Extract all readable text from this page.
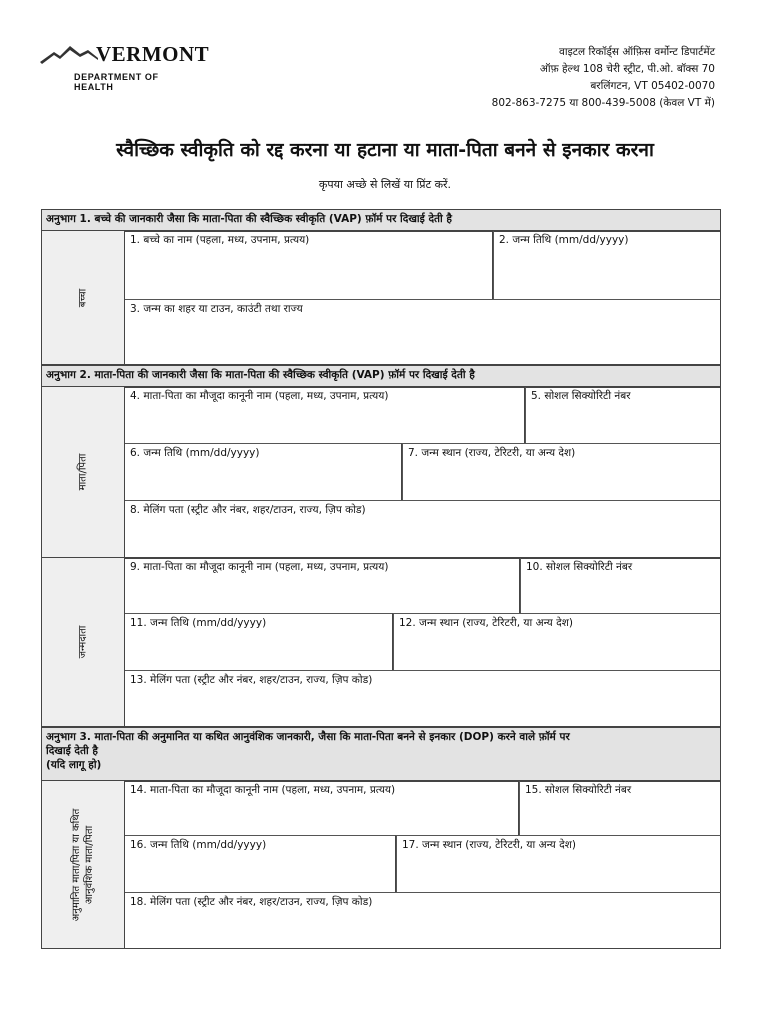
VERMONT
DEPARTMENT OF HEALTH
वाइटल रिकॉर्ड्स ऑफ़िस वर्मोन्ट डिपार्टमेंट
ऑफ़ हेल्थ 108 चेरी स्ट्रीट, पी.ओ. बॉक्स 70
बरलिंगटन, VT 05402-0070
802-863-7275 या 800-439-5008 (केवल VT में)
स्वैच्छिक स्वीकृति को रद्द करना या हटाना या माता-पिता बनने से इनकार करना
कृपया अच्छे से लिखें या प्रिंट करें.
अनुभाग 1. बच्चे की जानकारी जैसा कि माता-पिता की स्वैच्छिक स्वीकृति (VAP) फ़ॉर्म पर दिखाई देती है
बच्चा
1. बच्चे का नाम (पहला, मध्य, उपनाम, प्रत्यय)	2. जन्म तिथि (mm/dd/yyyy)
3. जन्म का शहर या टाउन, काउंटी तथा राज्य
अनुभाग 2. माता-पिता की जानकारी जैसा कि माता-पिता की स्वैच्छिक स्वीकृति (VAP) फ़ॉर्म पर दिखाई देती है
माता/पिता
4. माता-पिता का मौजूदा कानूनी नाम (पहला, मध्य, उपनाम, प्रत्यय)	5. सोशल सिक्योरिटी नंबर
6. जन्म तिथि (mm/dd/yyyy)	7. जन्म स्थान (राज्य, टेरिटरी, या अन्य देश)
8. मेलिंग पता (स्ट्रीट और नंबर, शहर/टाउन, राज्य, ज़िप कोड)
जन्मदाता
9. माता-पिता का मौजूदा कानूनी नाम (पहला, मध्य, उपनाम, प्रत्यय)	10. सोशल सिक्योरिटी नंबर
11. जन्म तिथि (mm/dd/yyyy)	12. जन्म स्थान (राज्य, टेरिटरी, या अन्य देश)
13. मेलिंग पता (स्ट्रीट और नंबर, शहर/टाउन, राज्य, ज़िप कोड)
अनुभाग 3. माता-पिता की अनुमानित या कथित आनुवंशिक जानकारी, जैसा कि माता-पिता बनने से इनकार (DOP) करने वाले फ़ॉर्म पर
दिखाई देती है
(यदि लागू हो)
अनुमानित माता/पिता या कथित आनुवंशिक माता/पिता
14. माता-पिता का मौजूदा कानूनी नाम (पहला, मध्य, उपनाम, प्रत्यय)	15. सोशल सिक्योरिटी नंबर
16. जन्म तिथि (mm/dd/yyyy)	17. जन्म स्थान (राज्य, टेरिटरी, या अन्य देश)
18. मेलिंग पता (स्ट्रीट और नंबर, शहर/टाउन, राज्य, ज़िप कोड)
